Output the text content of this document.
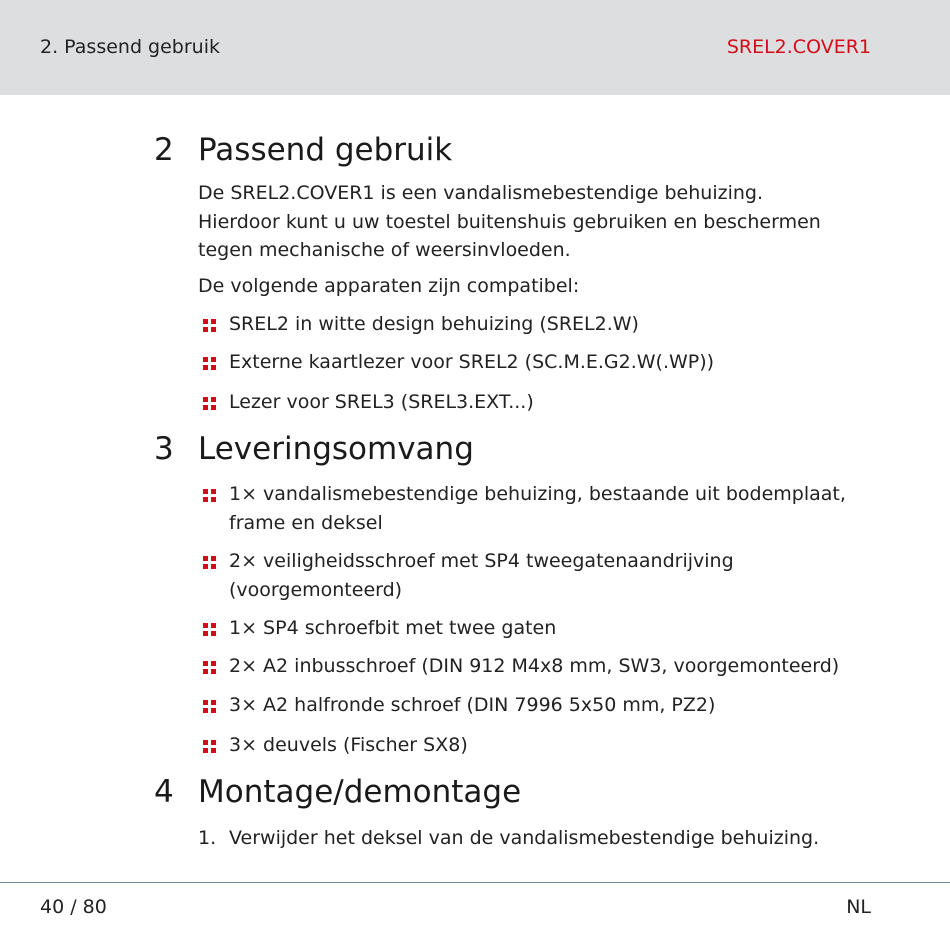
2. Passend gebruik	SREL2.COVER1
2 Passend gebruik
De SREL2.COVER1 is een vandalismebestendige behuizing. Hierdoor kunt u uw toestel buitenshuis gebruiken en beschermen tegen mechanische of weersinvloeden.
De volgende apparaten zijn compatibel:
SREL2 in witte design behuizing (SREL2.W)
Externe kaartlezer voor SREL2 (SC.M.E.G2.W(.WP))
Lezer voor SREL3 (SREL3.EXT...)
3 Leveringsomvang
1× vandalismebestendige behuizing, bestaande uit bodemplaat, frame en deksel
2× veiligheidsschroef met SP4 tweegatenaandrijving (voorgemonteerd)
1× SP4 schroefbit met twee gaten
2× A2 inbusschroef (DIN 912 M4x8 mm, SW3, voorgemonteerd)
3× A2 halfronde schroef (DIN 7996 5x50 mm, PZ2)
3× deuvels (Fischer SX8)
4 Montage/demontage
1. Verwijder het deksel van de vandalismebestendige behuizing.
40 / 80	NL
